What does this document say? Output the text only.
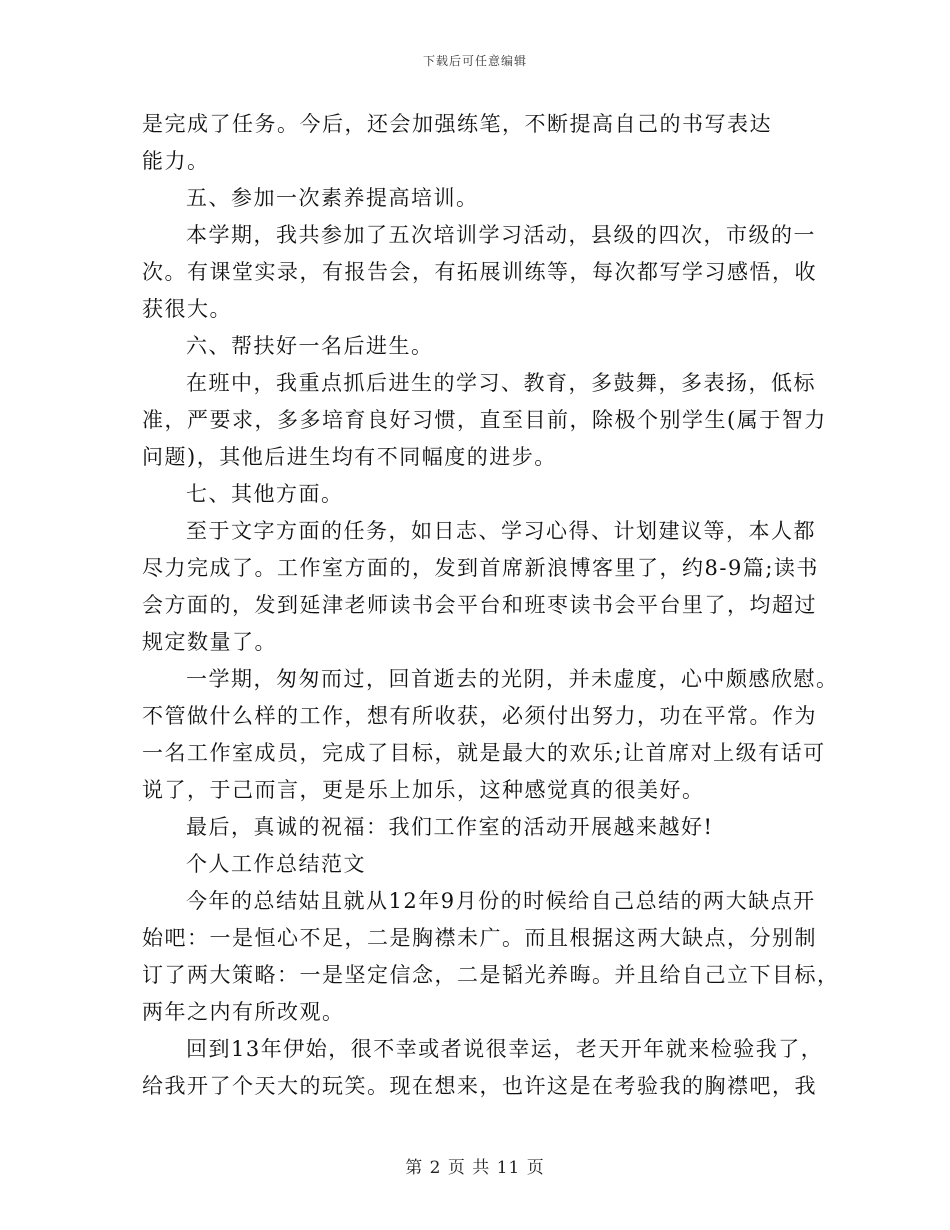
下载后可任意编辑
是完成了任务。今后，还会加强练笔，不断提高自己的书写表达
能力。
五、参加一次素养提高培训。
本学期，我共参加了五次培训学习活动，县级的四次，市级的一
次。有课堂实录，有报告会，有拓展训练等，每次都写学习感悟，收
获很大。
六、帮扶好一名后进生。
在班中，我重点抓后进生的学习、教育，多鼓舞，多表扬，低标
准，严要求，多多培育良好习惯，直至目前，除极个别学生(属于智力
问题)，其他后进生均有不同幅度的进步。
七、其他方面。
至于文字方面的任务，如日志、学习心得、计划建议等，本人都
尽力完成了。工作室方面的，发到首席新浪博客里了，约8-9篇;读书
会方面的，发到延津老师读书会平台和班枣读书会平台里了，均超过
规定数量了。
一学期，匆匆而过，回首逝去的光阴，并未虚度，心中颇感欣慰。
不管做什么样的工作，想有所收获，必须付出努力，功在平常。作为
一名工作室成员，完成了目标，就是最大的欢乐;让首席对上级有话可
说了，于己而言，更是乐上加乐，这种感觉真的很美好。
最后，真诚的祝福：我们工作室的活动开展越来越好!
个人工作总结范文
今年的总结姑且就从12年9月份的时候给自己总结的两大缺点开
始吧：一是恒心不足，二是胸襟未广。而且根据这两大缺点，分别制
订了两大策略：一是坚定信念，二是韬光养晦。并且给自己立下目标，
两年之内有所改观。
回到13年伊始，很不幸或者说很幸运，老天开年就来检验我了，
给我开了个天大的玩笑。现在想来，也许这是在考验我的胸襟吧，我
第 2 页 共 11 页
